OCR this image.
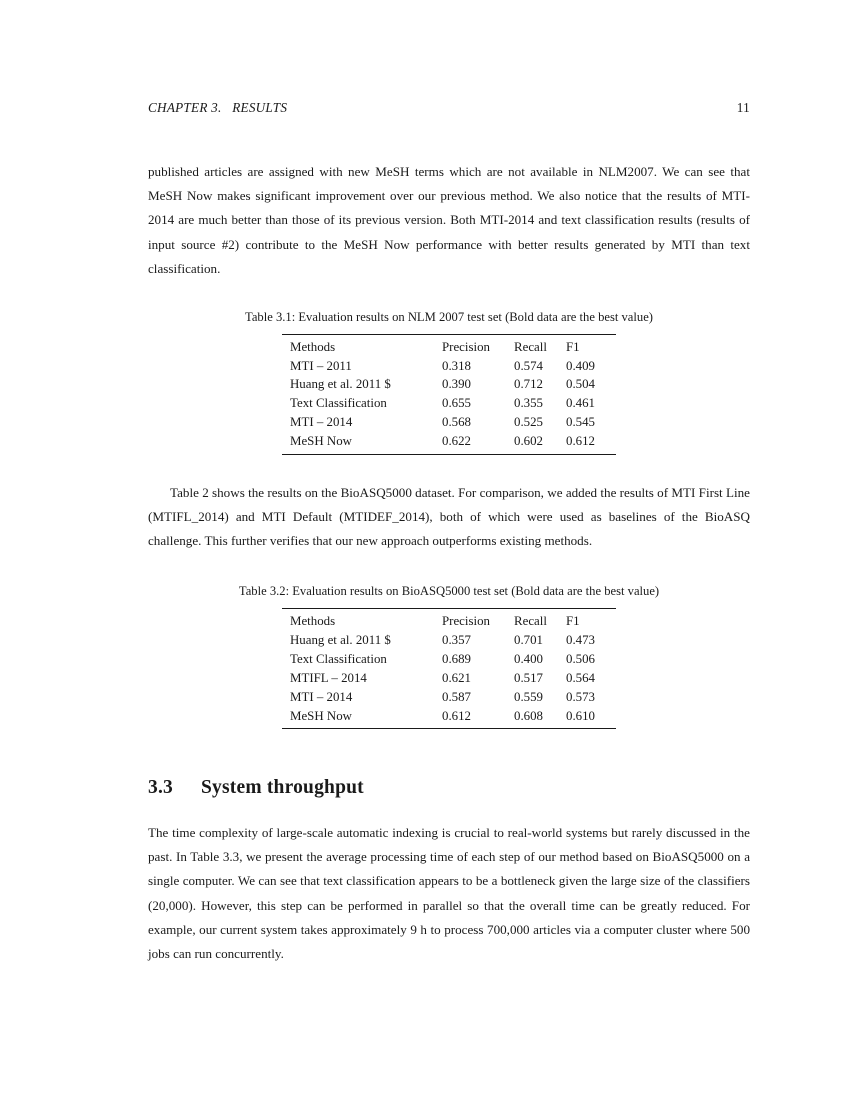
CHAPTER 3.   RESULTS	11

published articles are assigned with new MeSH terms which are not available in NLM2007. We can see that MeSH Now makes significant improvement over our previous method. We also notice that the results of MTI-2014 are much better than those of its previous version. Both MTI-2014 and text classification results (results of input source #2) contribute to the MeSH Now performance with better results generated by MTI than text classification.

Table 3.1: Evaluation results on NLM 2007 test set (Bold data are the best value)
Methods	Precision	Recall	F1
MTI – 2011	0.318	0.574	0.409
Huang et al. 2011 $	0.390	0.712	0.504
Text Classification	0.655	0.355	0.461
MTI – 2014	0.568	0.525	0.545
MeSH Now	0.622	0.602	0.612

Table 2 shows the results on the BioASQ5000 dataset. For comparison, we added the results of MTI First Line (MTIFL_2014) and MTI Default (MTIDEF_2014), both of which were used as baselines of the BioASQ challenge. This further verifies that our new approach outperforms existing methods.

Table 3.2: Evaluation results on BioASQ5000 test set (Bold data are the best value)
Methods	Precision	Recall	F1
Huang et al. 2011 $	0.357	0.701	0.473
Text Classification	0.689	0.400	0.506
MTIFL – 2014	0.621	0.517	0.564
MTI – 2014	0.587	0.559	0.573
MeSH Now	0.612	0.608	0.610
3.3 System throughput

The time complexity of large-scale automatic indexing is crucial to real-world systems but rarely discussed in the past. In Table 3.3, we present the average processing time of each step of our method based on BioASQ5000 on a single computer. We can see that text classification appears to be a bottleneck given the large size of the classifiers (20,000). However, this step can be performed in parallel so that the overall time can be greatly reduced. For example, our current system takes approximately 9 h to process 700,000 articles via a computer cluster where 500 jobs can run concurrently.
